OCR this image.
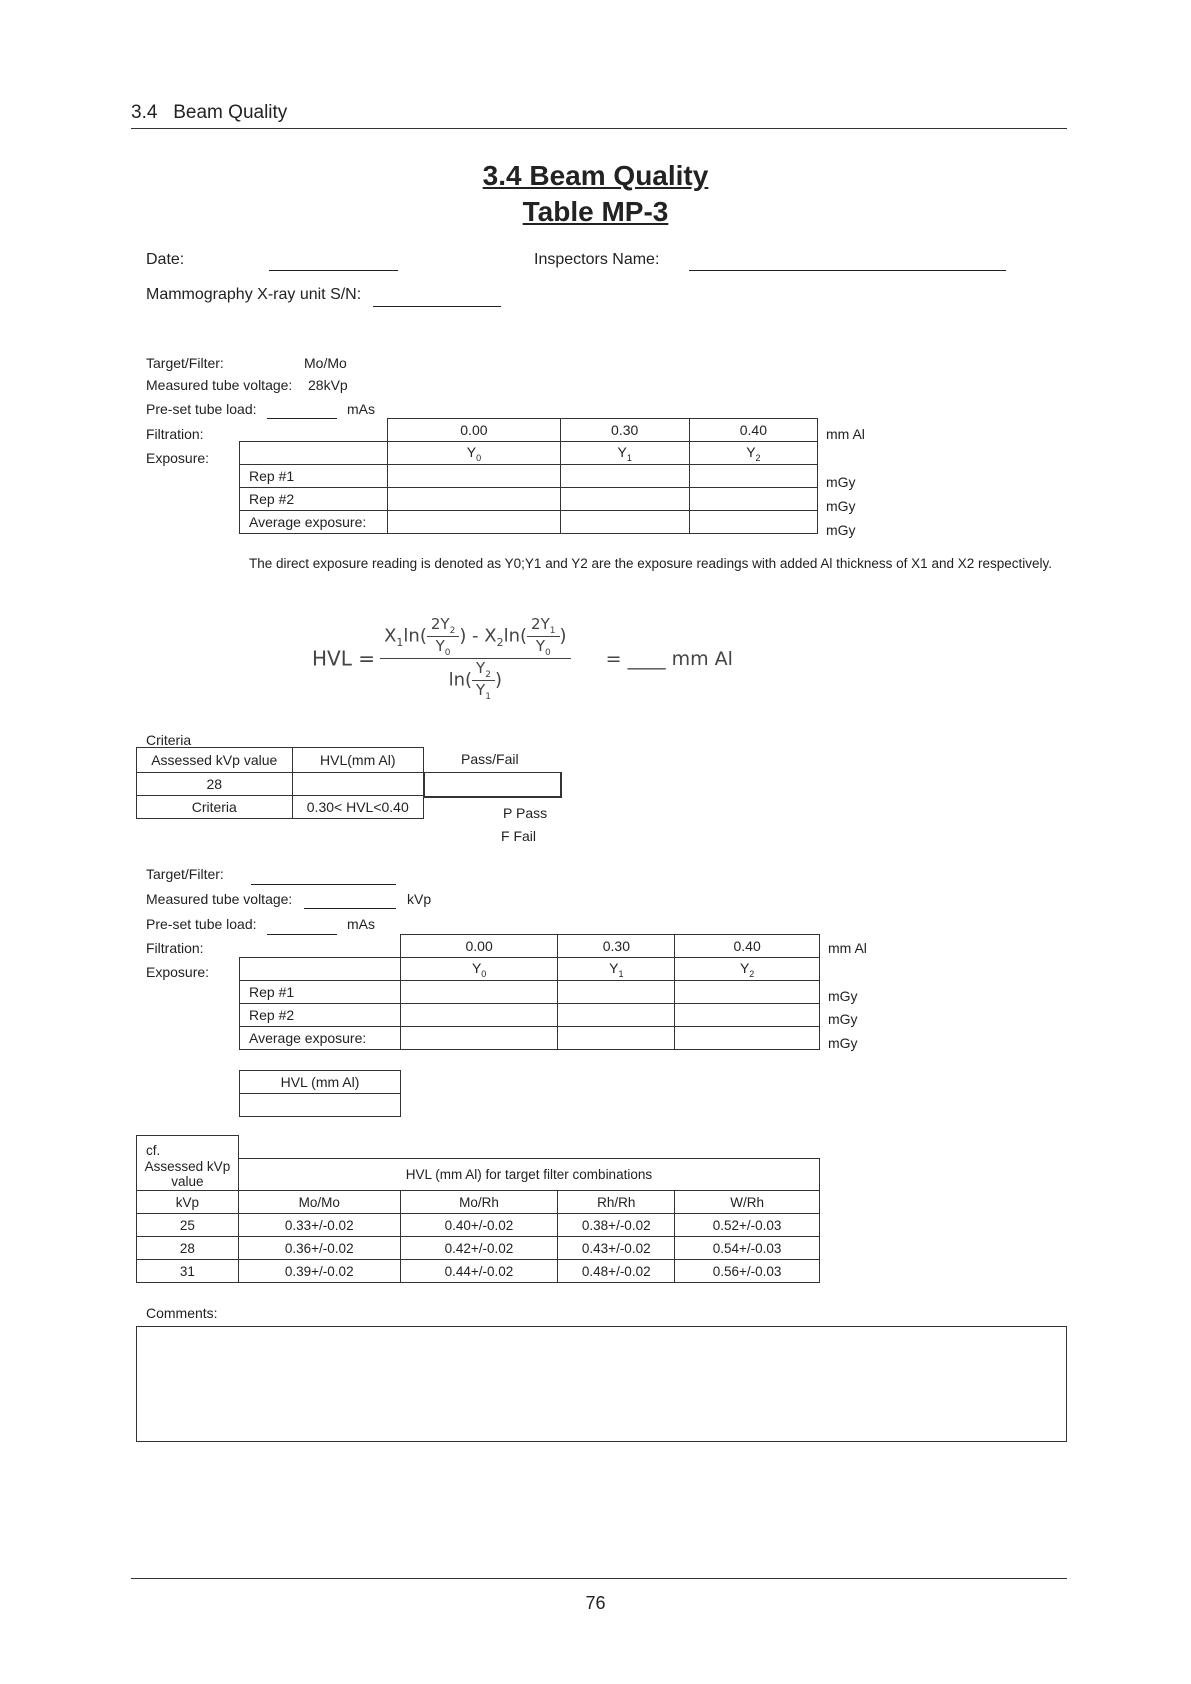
3.4   Beam Quality
3.4 Beam Quality
Table MP-3
Date:	Inspectors Name:
Mammography X-ray unit S/N:
Target/Filter:	Mo/Mo
Measured tube voltage: 28kVp
Pre-set tube load:	mAs
Filtration:
Exposure:
	0.00	0.30	0.40
	$Y_0$	$Y_1$	$Y_2$
Rep #1			
Rep #2			
Average exposure:			
mm Al
mGy
mGy
mGy
The direct exposure reading is denoted as Y0;Y1 and Y2 are the exposure readings with added Al thickness of X1 and X2 respectively.
HVL = $\frac{X_1\ln( \frac{2Y_2}{Y_0} ) - X_2\ln( \frac{2Y_1}{Y_0} )}{\ln( \frac{Y_2}{Y_1} )}$ = ____ mm Al
Criteria
Assessed kVp value	HVL(mm Al)
28	
Criteria	0.30< HVL<0.40
Pass/Fail
P Pass
F Fail
Target/Filter:
Measured tube voltage:	kVp
Pre-set tube load:	mAs
Filtration:
Exposure:
	0.00	0.30	0.40
	$Y_0$	$Y_1$	$Y_2$
Rep #1			
Rep #2			
Average exposure:			
mm Al
mGy
mGy
mGy
HVL (mm Al)

cf.				
Assessed kVp value	HVL (mm Al) for target filter combinations			
kVp	Mo/Mo	Mo/Rh	Rh/Rh	W/Rh
25	0.33+/-0.02	0.40+/-0.02	0.38+/-0.02	0.52+/-0.03
28	0.36+/-0.02	0.42+/-0.02	0.43+/-0.02	0.54+/-0.03
31	0.39+/-0.02	0.44+/-0.02	0.48+/-0.02	0.56+/-0.03
Comments:
76
